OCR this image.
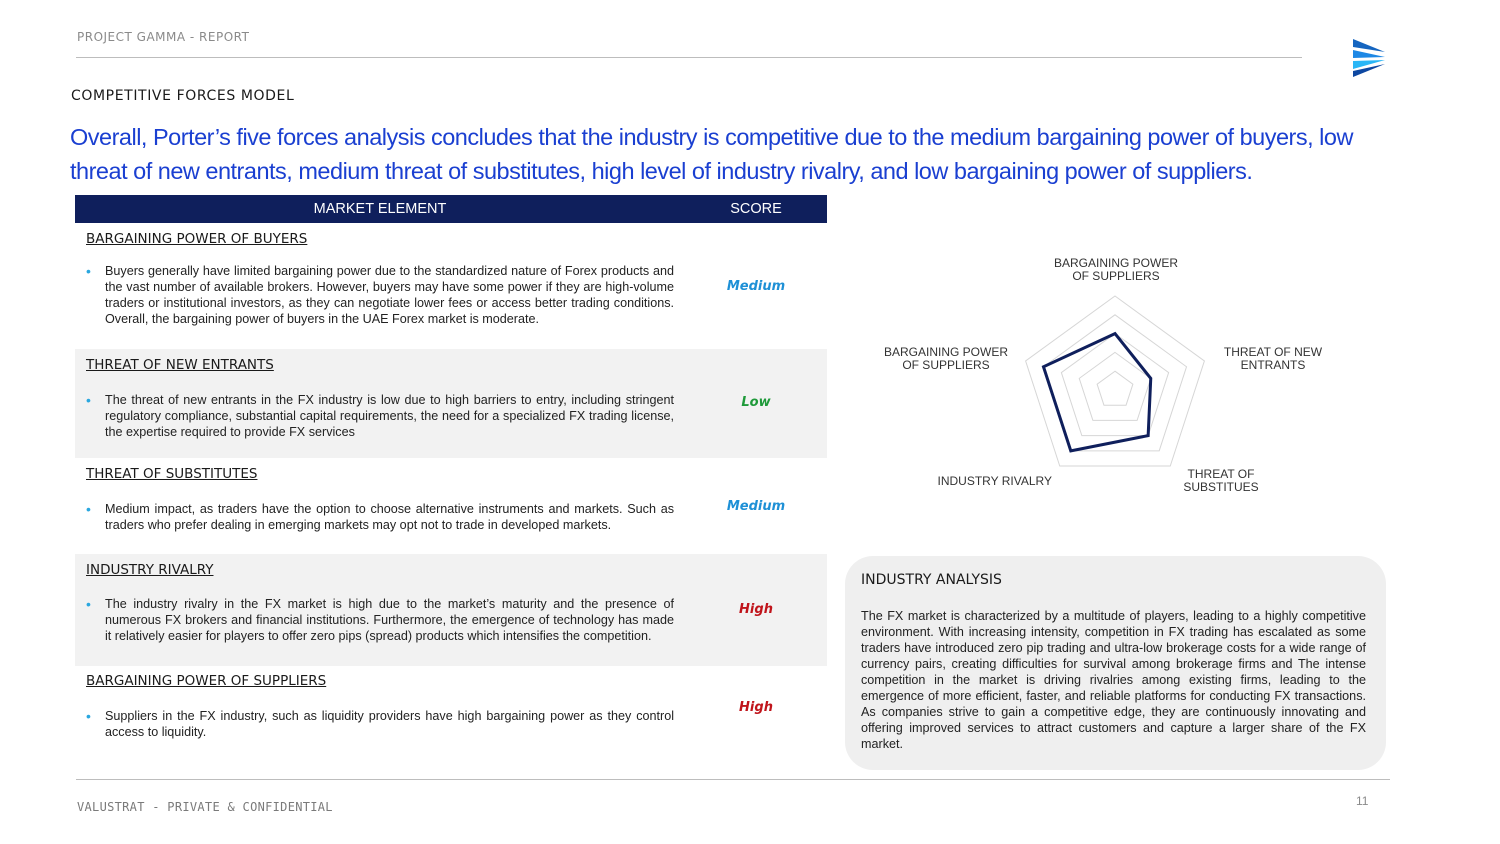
PROJECT GAMMA - REPORT
COMPETITIVE FORCES MODEL
Overall, Porter’s five forces analysis concludes that the industry is competitive due to the medium bargaining power of buyers, low threat of new entrants, medium threat of substitutes, high level of industry rivalry, and low bargaining power of suppliers.
MARKET ELEMENT	SCORE
BARGAINING POWER OF BUYERS
• Buyers generally have limited bargaining power due to the standardized nature of Forex products and the vast number of available brokers. However, buyers may have some power if they are high-volume traders or institutional investors, as they can negotiate lower fees or access better trading conditions. Overall, the bargaining power of buyers in the UAE Forex market is moderate.
Medium
THREAT OF NEW ENTRANTS
• The threat of new entrants in the FX industry is low due to high barriers to entry, including stringent regulatory compliance, substantial capital requirements, the need for a specialized FX trading license, the expertise required to provide FX services
Low
THREAT OF SUBSTITUTES
• Medium impact, as traders have the option to choose alternative instruments and markets. Such as traders who prefer dealing in emerging markets may opt not to trade in developed markets.
Medium
INDUSTRY RIVALRY
• The industry rivalry in the FX market is high due to the market’s maturity and the presence of numerous FX brokers and financial institutions. Furthermore, the emergence of technology has made it relatively easier for players to offer zero pips (spread) products which intensifies the competition.
High
BARGAINING POWER OF SUPPLIERS
• Suppliers in the FX industry, such as liquidity providers have high bargaining power as they control access to liquidity.
High
BARGAINING POWER OF SUPPLIERS
THREAT OF NEW ENTRANTS
THREAT OF SUBSTITUES
INDUSTRY RIVALRY
BARGAINING POWER OF SUPPLIERS
INDUSTRY ANALYSIS
The FX market is characterized by a multitude of players, leading to a highly competitive environment. With increasing intensity, competition in FX trading has escalated as some traders have introduced zero pip trading and ultra-low brokerage costs for a wide range of currency pairs, creating difficulties for survival among brokerage firms and The intense competition in the market is driving rivalries among existing firms, leading to the emergence of more efficient, faster, and reliable platforms for conducting FX transactions. As companies strive to gain a competitive edge, they are continuously innovating and offering improved services to attract customers and capture a larger share of the FX market.
VALUSTRAT - PRIVATE & CONFIDENTIAL	11
